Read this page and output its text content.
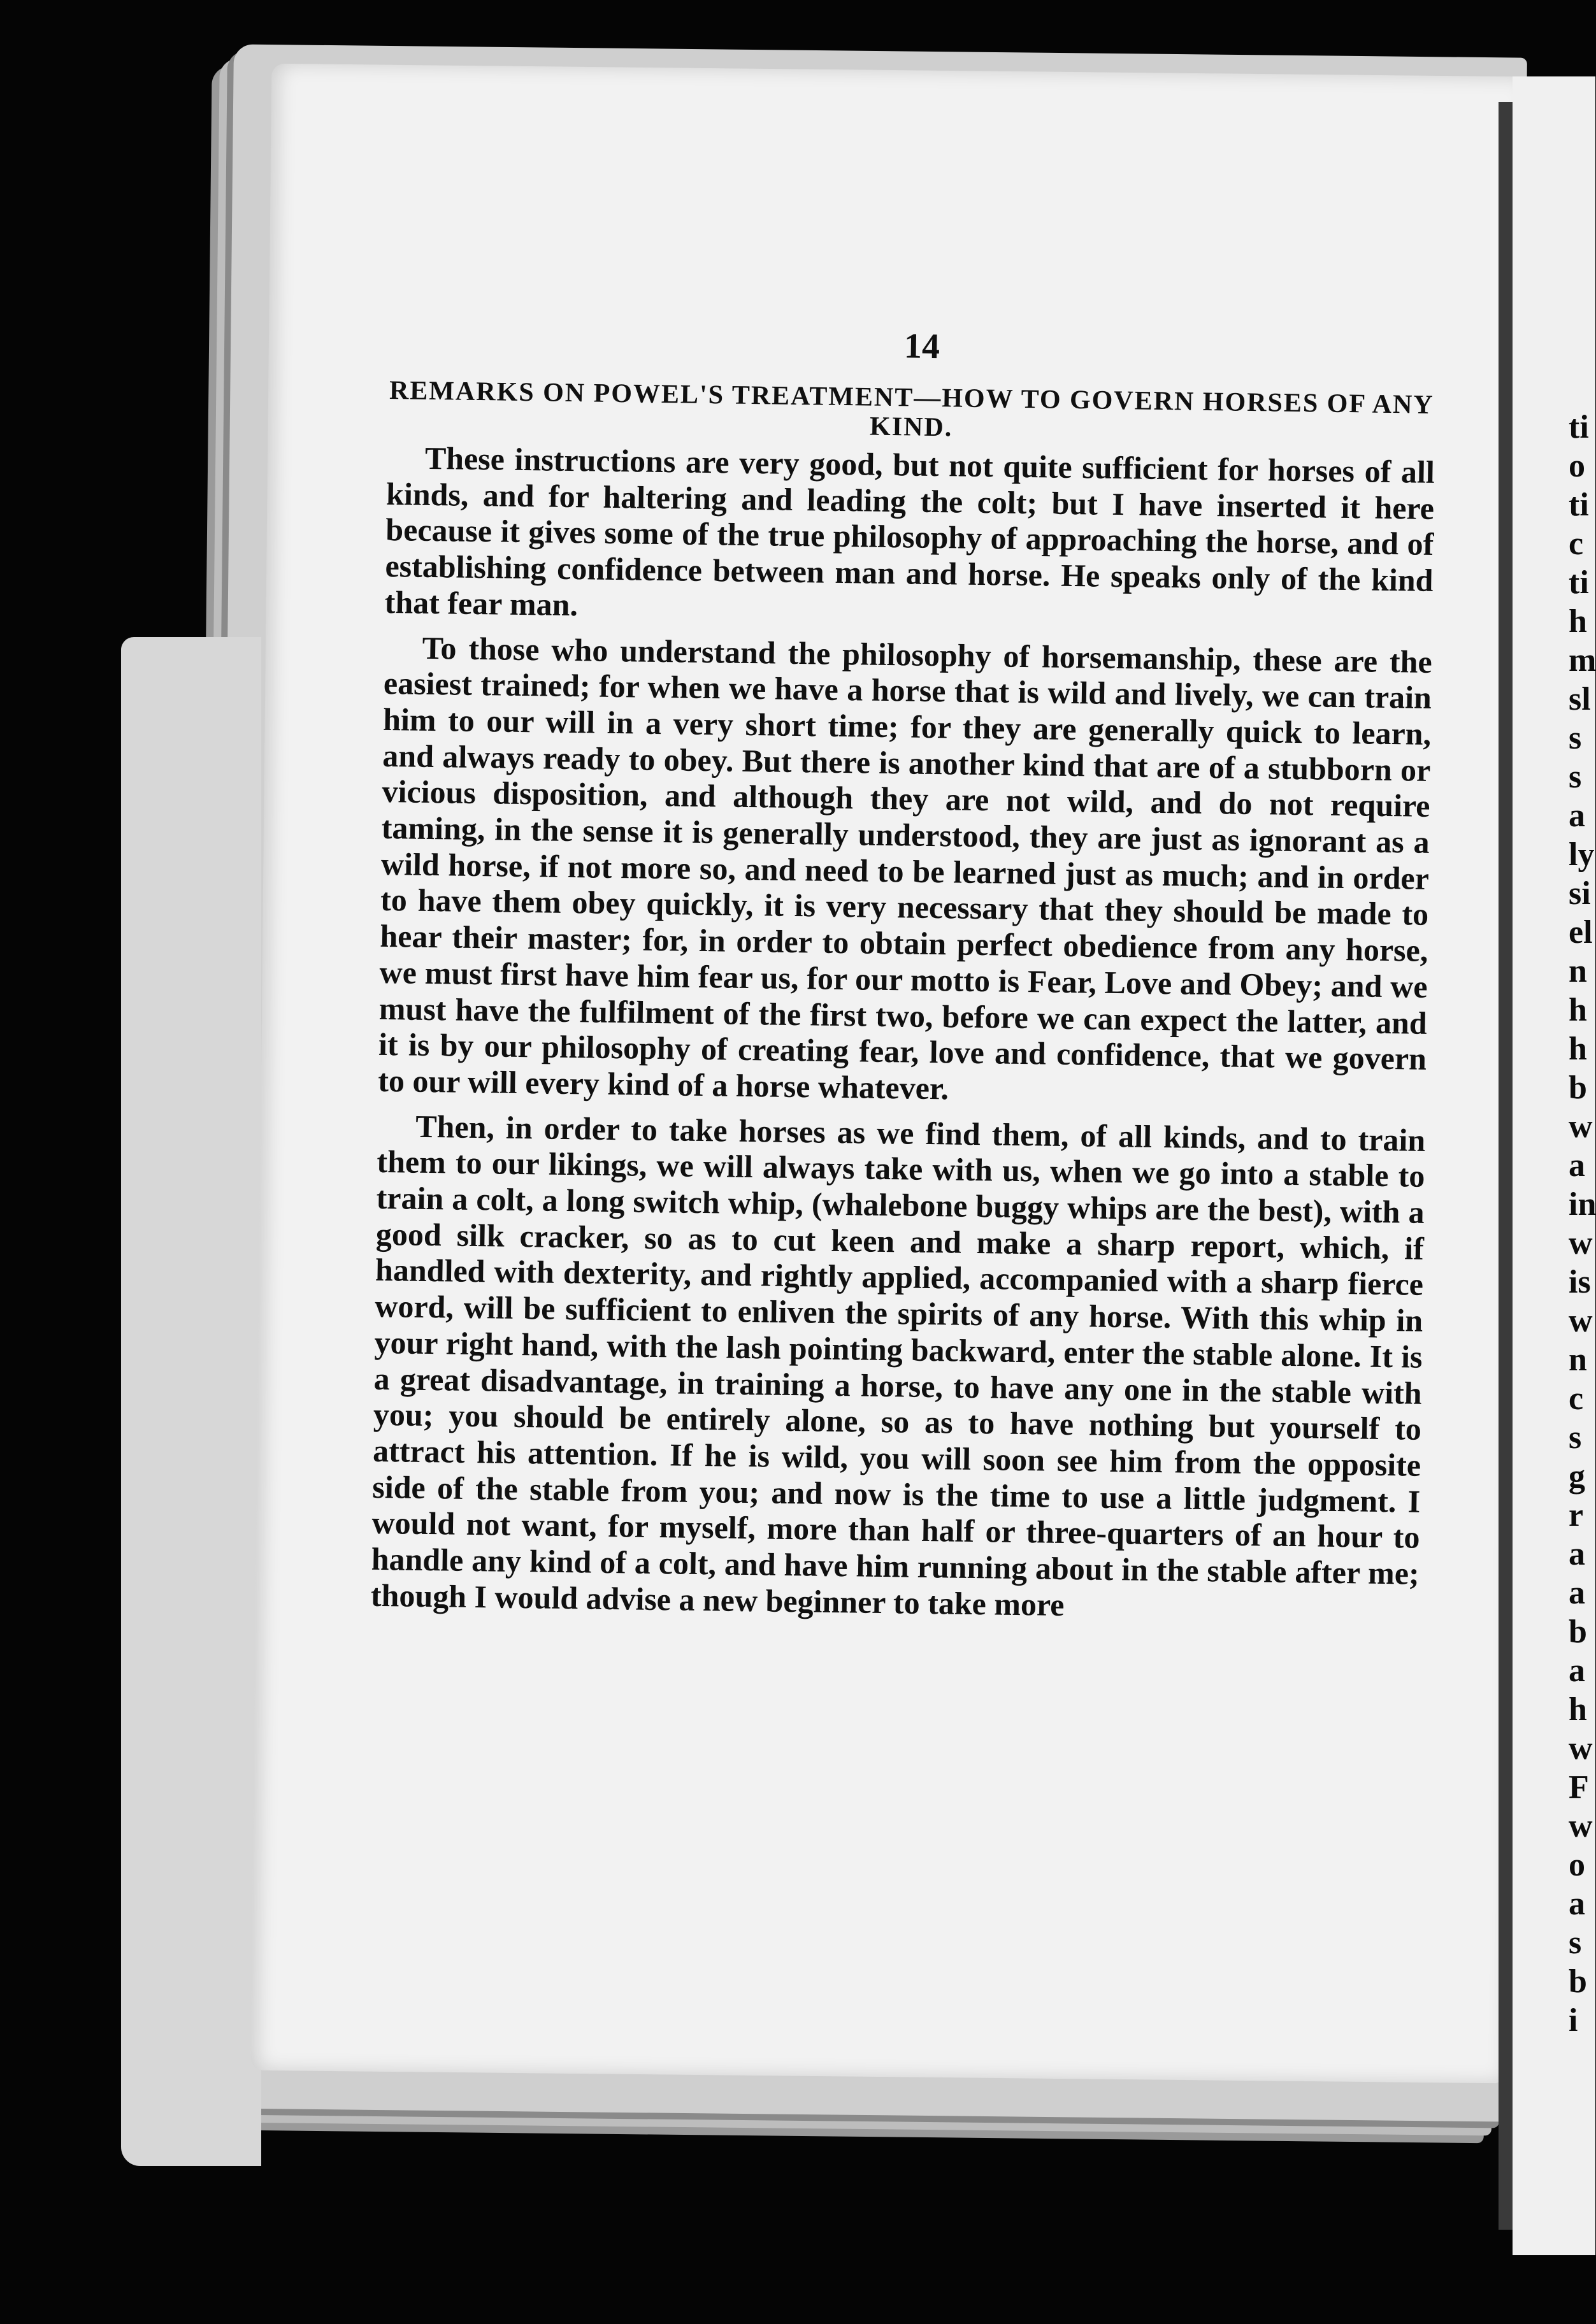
ti
o
ti
c
ti
h
m
sl
s
s
a
ly
si
el
n
h
h
b
w
a
in
w
is
w
n
c
s
g
r
a
a
b
a
h
w
F
w
o
a
s
b
i
14
REMARKS ON POWEL'S TREATMENT—HOW TO GOVERN HORSES OF ANY KIND.

These instructions are very good, but not quite sufficient for horses of all kinds, and for haltering and leading the colt; but I have inserted it here because it gives some of the true philosophy of approaching the horse, and of establishing confidence between man and horse. He speaks only of the kind that fear man.

To those who understand the philosophy of horsemanship, these are the easiest trained; for when we have a horse that is wild and lively, we can train him to our will in a very short time; for they are generally quick to learn, and always ready to obey. But there is another kind that are of a stubborn or vicious disposition, and although they are not wild, and do not require taming, in the sense it is generally understood, they are just as ignorant as a wild horse, if not more so, and need to be learned just as much; and in order to have them obey quickly, it is very necessary that they should be made to hear their master; for, in order to obtain perfect obedience from any horse, we must first have him fear us, for our motto is Fear, Love and Obey; and we must have the fulfilment of the first two, before we can expect the latter, and it is by our philosophy of creating fear, love and confidence, that we govern to our will every kind of a horse whatever.

Then, in order to take horses as we find them, of all kinds, and to train them to our likings, we will always take with us, when we go into a stable to train a colt, a long switch whip, (whalebone buggy whips are the best), with a good silk cracker, so as to cut keen and make a sharp report, which, if handled with dexterity, and rightly applied, accompanied with a sharp fierce word, will be sufficient to enliven the spirits of any horse. With this whip in your right hand, with the lash pointing backward, enter the stable alone. It is a great disadvantage, in training a horse, to have any one in the stable with you; you should be entirely alone, so as to have nothing but yourself to attract his attention. If he is wild, you will soon see him from the opposite side of the stable from you; and now is the time to use a little judgment. I would not want, for myself, more than half or three-quarters of an hour to handle any kind of a colt, and have him running about in the stable after me; though I would advise a new beginner to take more
